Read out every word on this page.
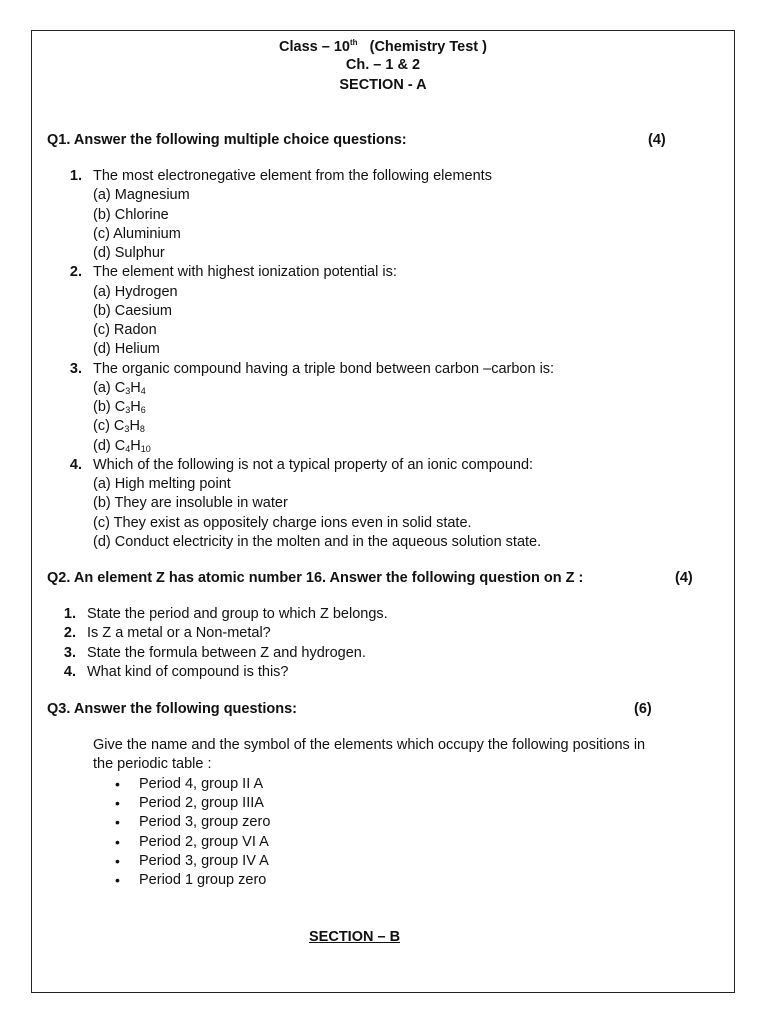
Class – 10th (Chemistry Test )
Ch. – 1 & 2
SECTION - A
Q1. Answer the following multiple choice questions:	(4)
1. The most electronegative element from the following elements
(a) Magnesium
(b) Chlorine
(c) Aluminium
(d) Sulphur
2. The element with highest ionization potential is:
(a) Hydrogen
(b) Caesium
(c) Radon
(d) Helium
3. The organic compound having a triple bond between carbon –carbon is:
(a) $C_3H_4$
(b) $C_3H_6$
(c) $C_3H_8$
(d) $C_4H_{10}$
4. Which of the following is not a typical property of an ionic compound:
(a) High melting point
(b) They are insoluble in water
(c) They exist as oppositely charge ions even in solid state.
(d) Conduct electricity in the molten and in the aqueous solution state.
Q2. An element Z has atomic number 16. Answer the following question on Z :	(4)
1. State the period and group to which Z belongs.
2. Is Z a metal or a Non-metal?
3. State the formula between Z and hydrogen.
4. What kind of compound is this?
Q3. Answer the following questions:	(6)
Give the name and the symbol of the elements which occupy the following positions in
the periodic table :
• Period 4, group II A
• Period 2, group IIIA
• Period 3, group zero
• Period 2, group VI A
• Period 3, group IV A
• Period 1 group zero
SECTION – B
